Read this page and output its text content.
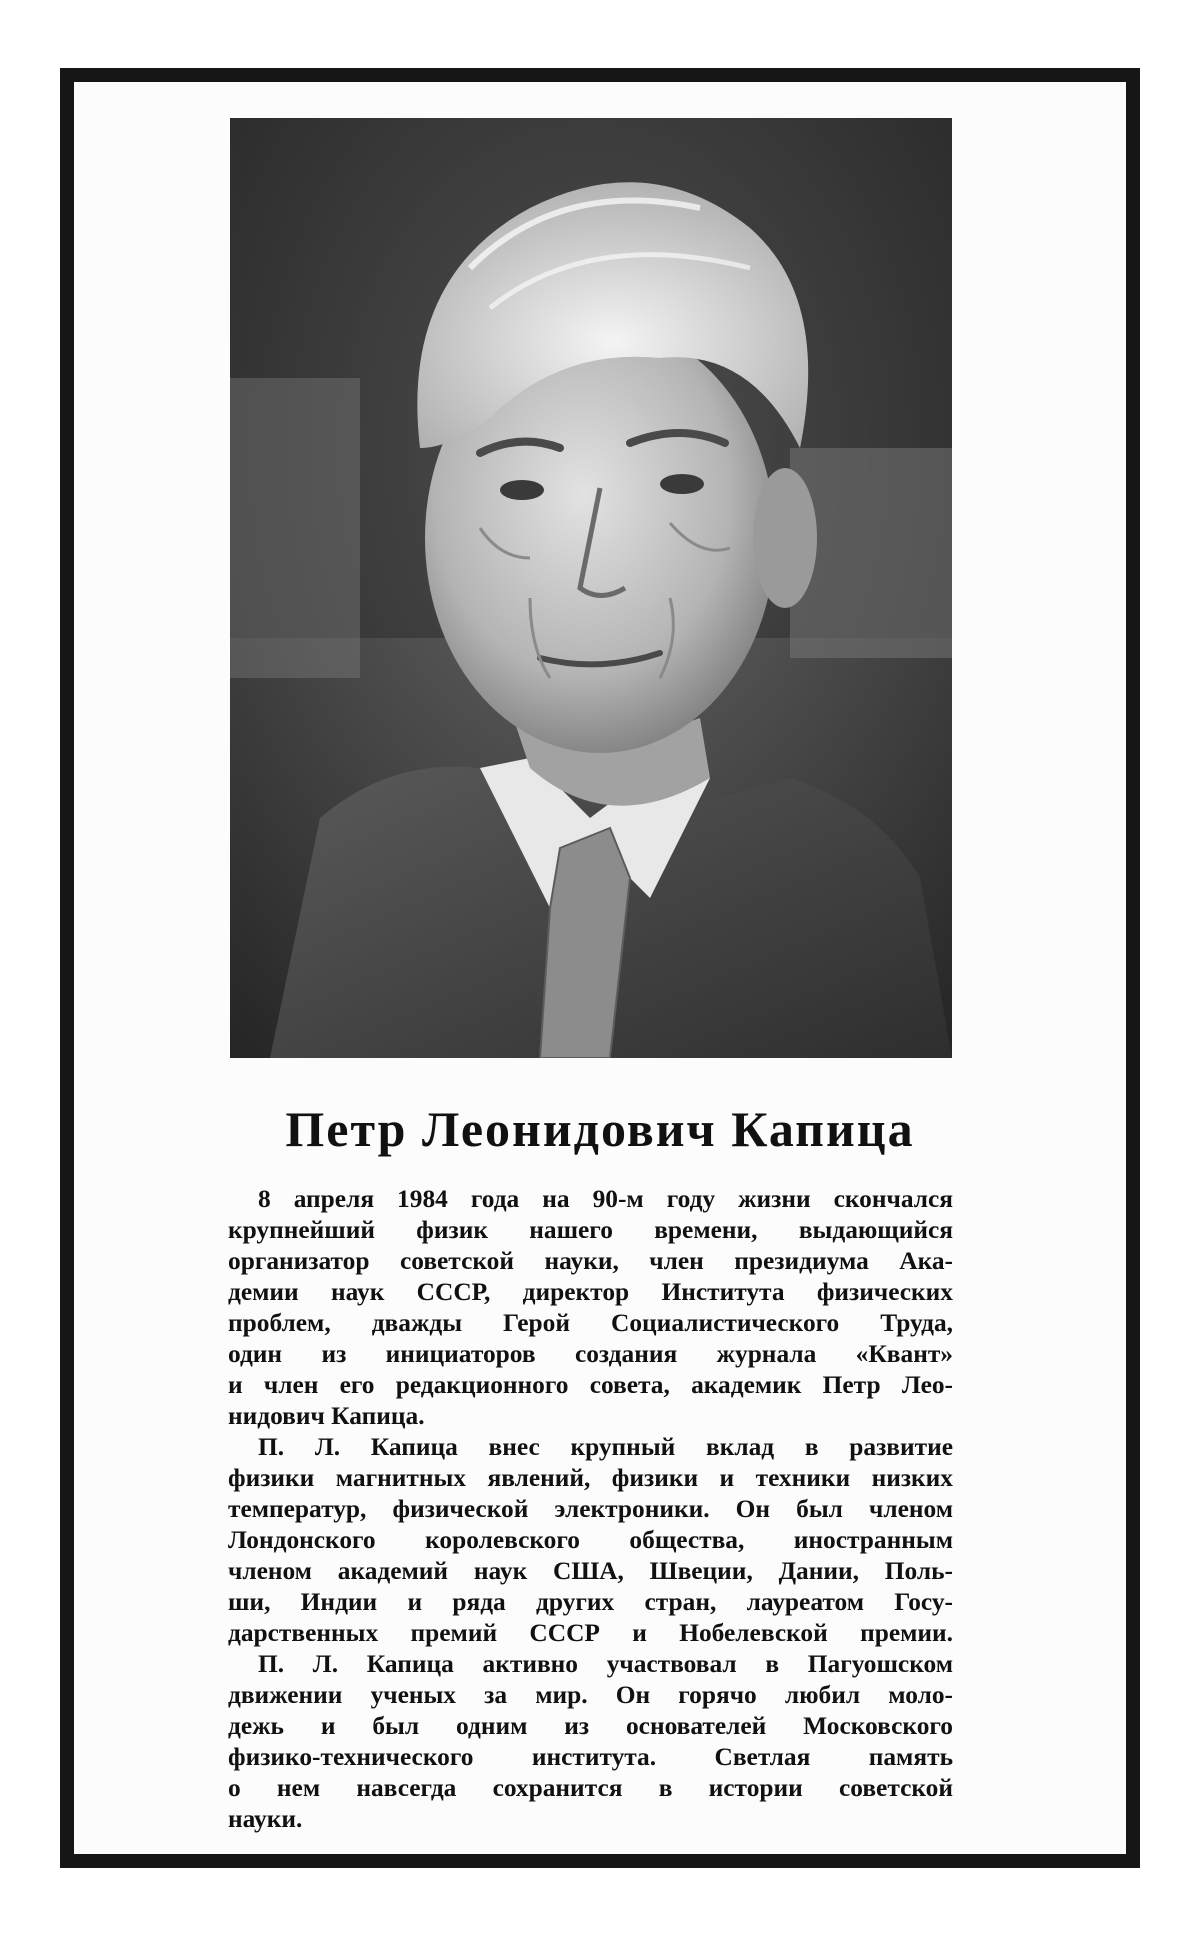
Петр Леонидович Капица
8 апреля 1984 года на 90-м году жизни скончался
крупнейший физик нашего времени, выдающийся
организатор советской науки, член президиума Ака-
демии наук СССР, директор Института физических
проблем, дважды Герой Социалистического Труда,
один из инициаторов создания журнала «Квант»
и член его редакционного совета, академик Петр Лео-
нидович Капица.
П. Л. Капица внес крупный вклад в развитие
физики магнитных явлений, физики и техники низких
температур, физической электроники. Он был членом
Лондонского королевского общества, иностранным
членом академий наук США, Швеции, Дании, Поль-
ши, Индии и ряда других стран, лауреатом Госу-
дарственных премий СССР и Нобелевской премии.
П. Л. Капица активно участвовал в Пагуошском
движении ученых за мир. Он горячо любил моло-
дежь и был одним из основателей Московского
физико-технического института. Светлая память
о нем навсегда сохранится в истории советской
науки.
